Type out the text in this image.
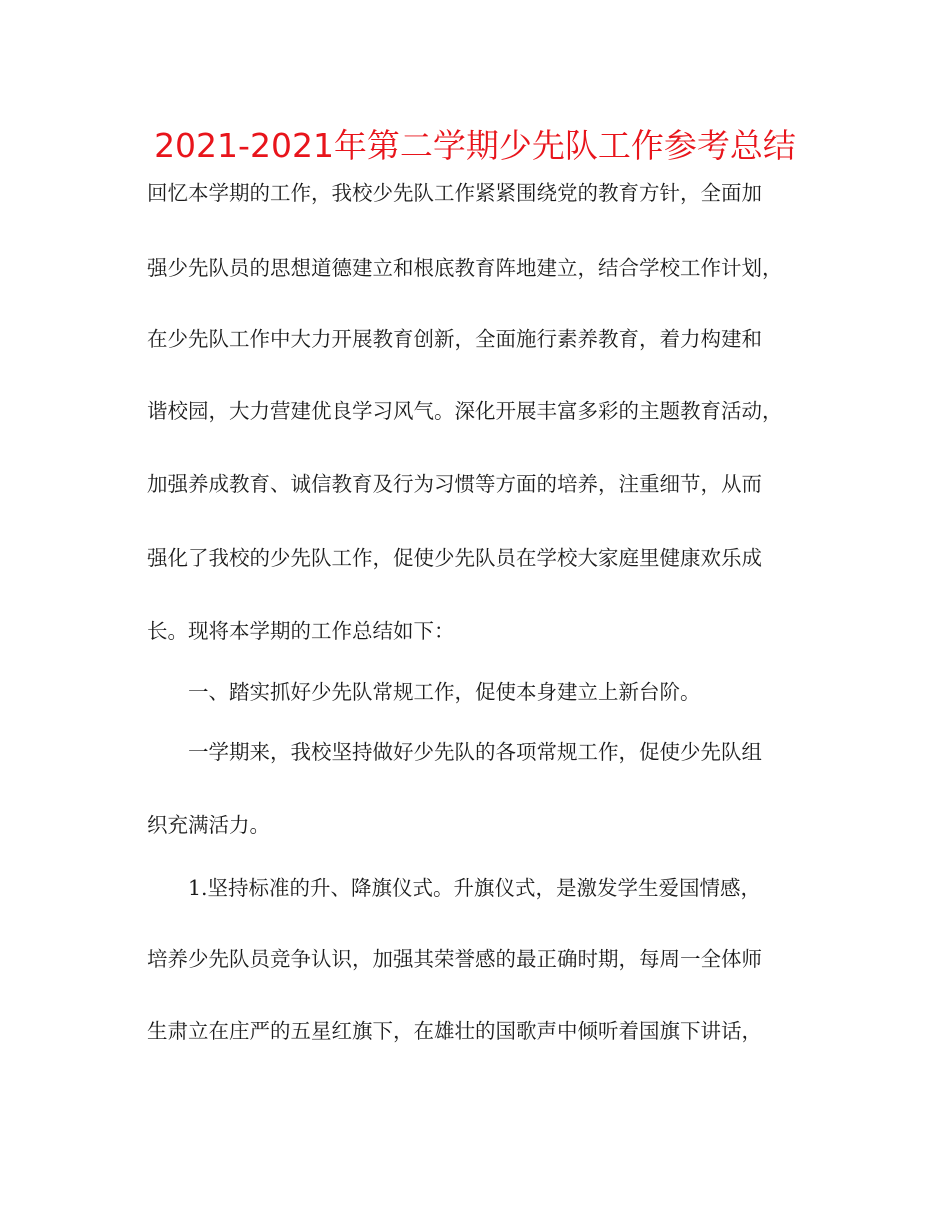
2021-2021年第二学期少先队工作参考总结
回忆本学期的工作，我校少先队工作紧紧围绕党的教育方针，全面加
强少先队员的思想道德建立和根底教育阵地建立，结合学校工作计划，
在少先队工作中大力开展教育创新，全面施行素养教育，着力构建和
谐校园，大力营建优良学习风气。深化开展丰富多彩的主题教育活动，
加强养成教育、诚信教育及行为习惯等方面的培养，注重细节，从而
强化了我校的少先队工作，促使少先队员在学校大家庭里健康欢乐成
长。现将本学期的工作总结如下：
一、踏实抓好少先队常规工作，促使本身建立上新台阶。
一学期来，我校坚持做好少先队的各项常规工作，促使少先队组
织充满活力。
1.坚持标准的升、降旗仪式。升旗仪式，是激发学生爱国情感，
培养少先队员竞争认识，加强其荣誉感的最正确时期，每周一全体师
生肃立在庄严的五星红旗下，在雄壮的国歌声中倾听着国旗下讲话，
